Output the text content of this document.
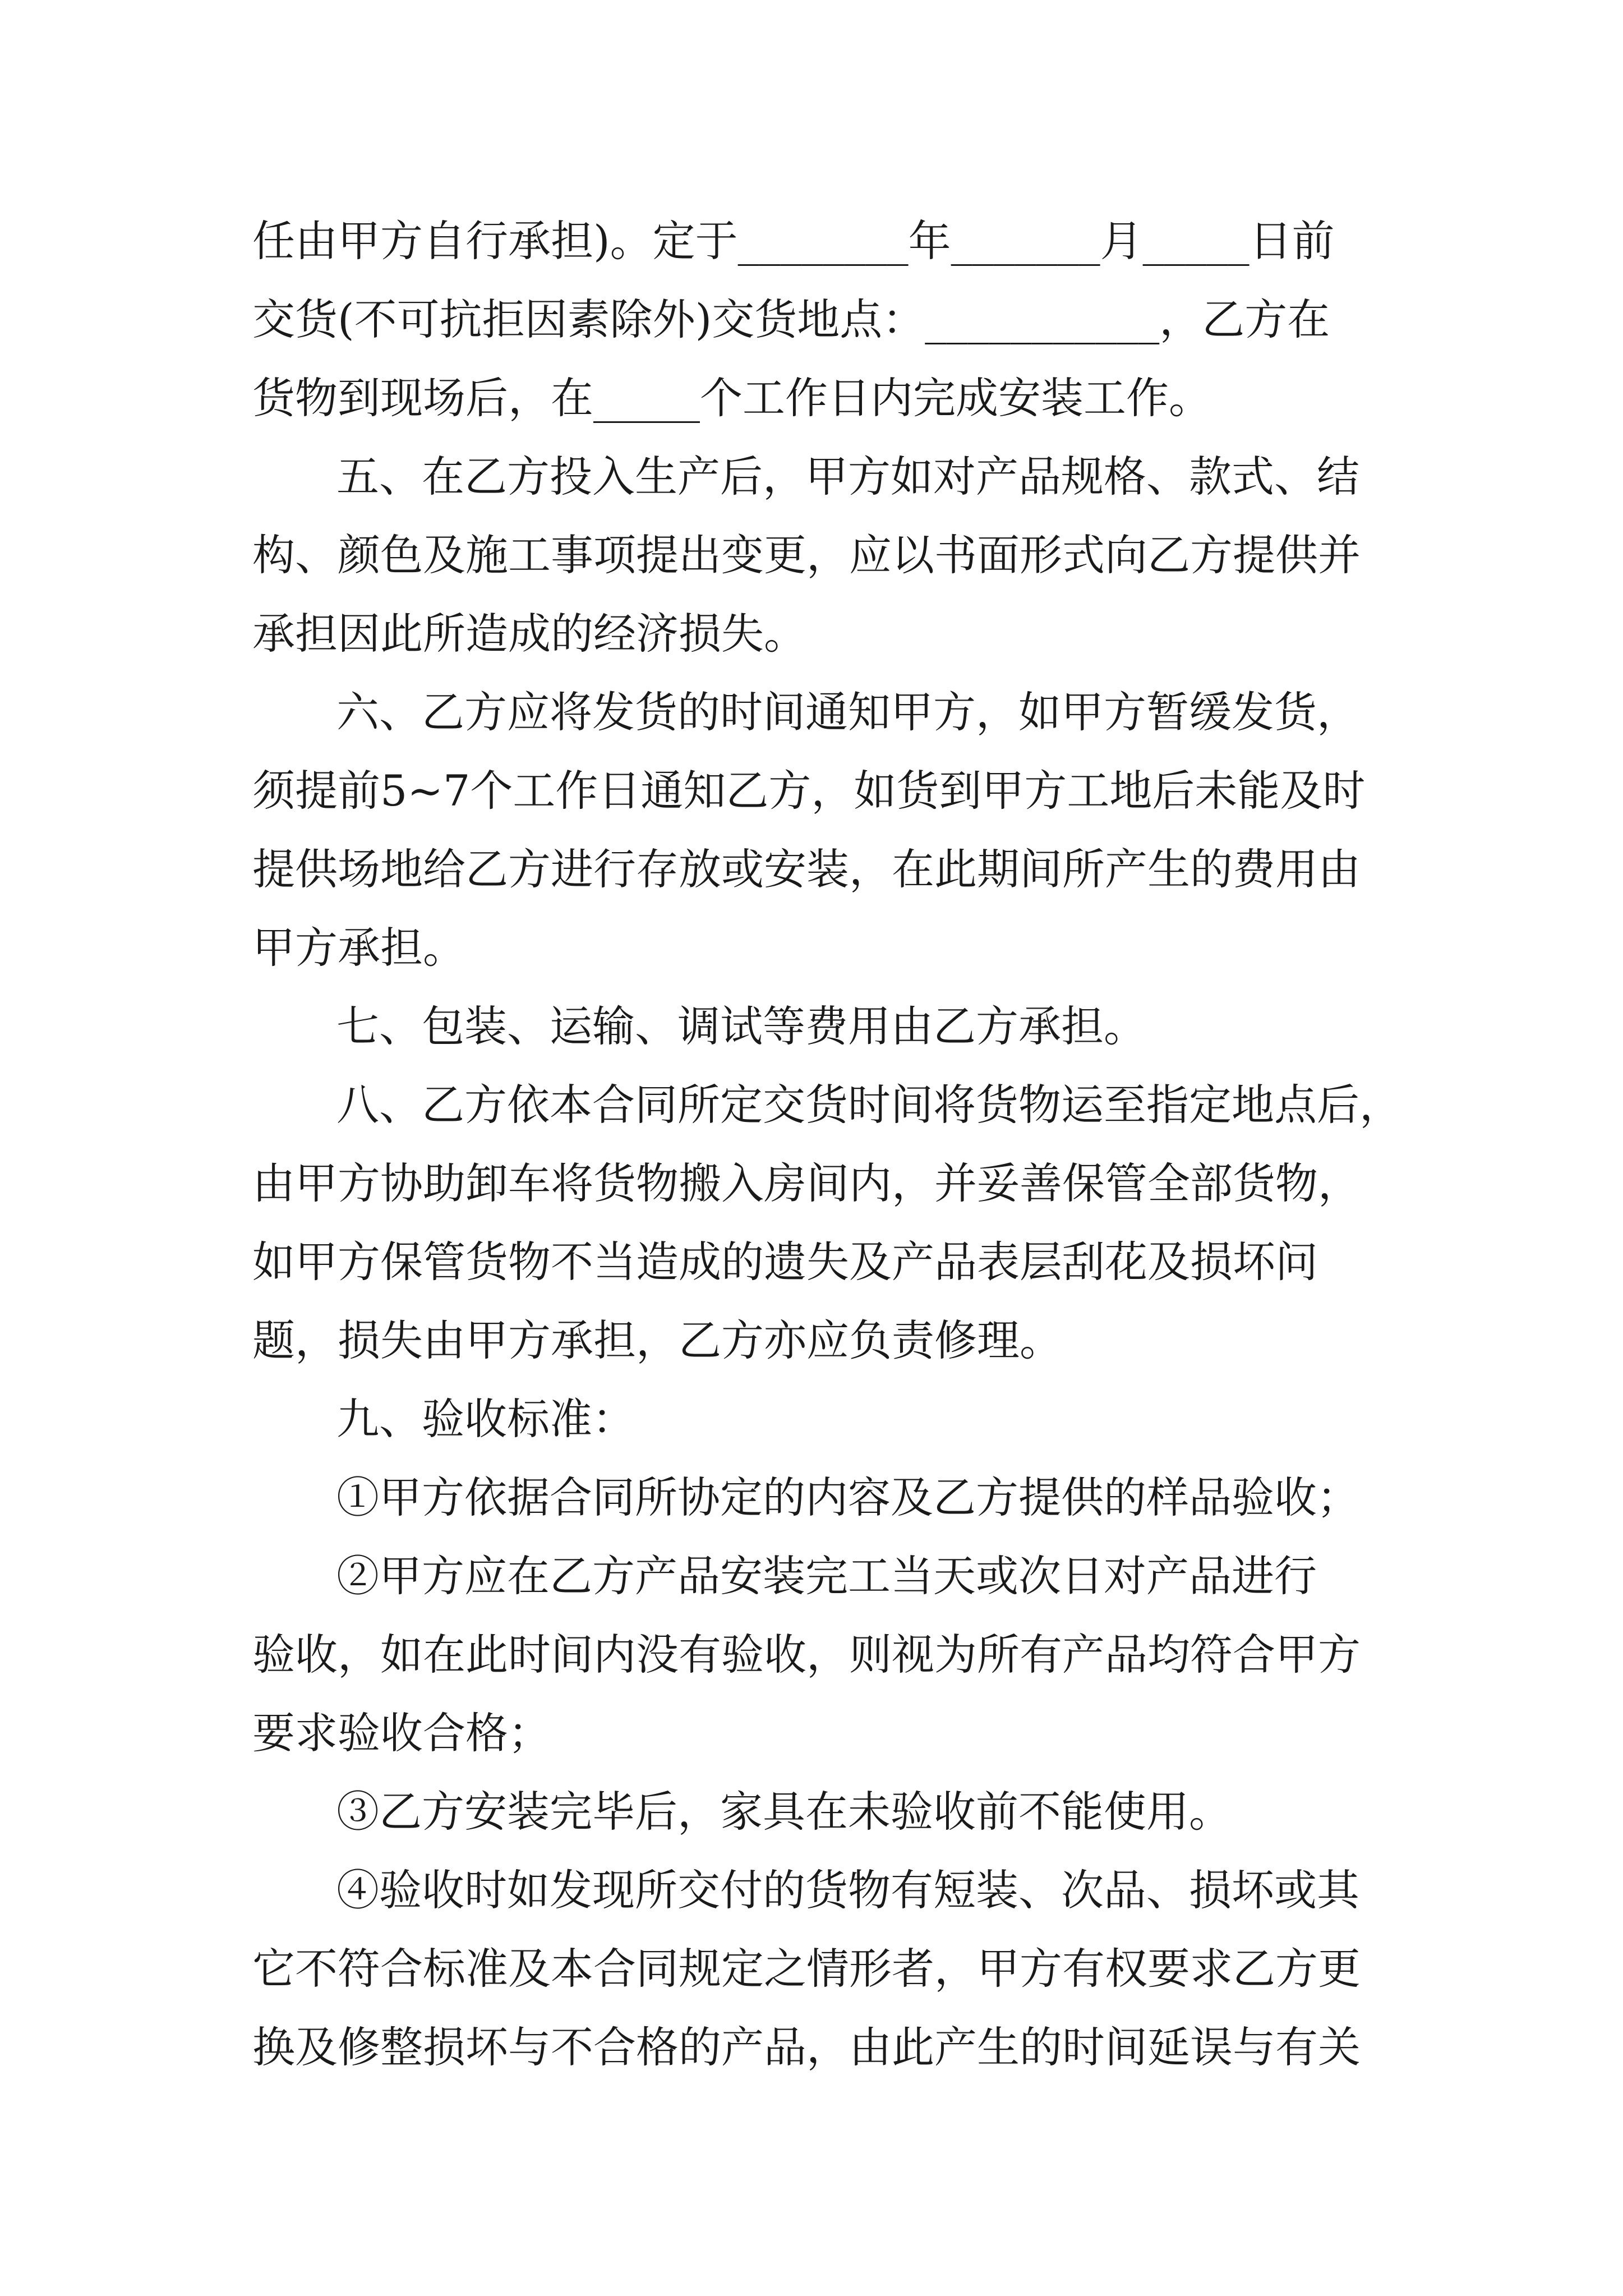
任由甲方自行承担)。定于________年_______月_____日前

交货(不可抗拒因素除外)交货地点：___________，乙方在

货物到现场后，在_____个工作日内完成安装工作。

五、在乙方投入生产后，甲方如对产品规格、款式、结

构、颜色及施工事项提出变更，应以书面形式向乙方提供并

承担因此所造成的经济损失。

六、乙方应将发货的时间通知甲方，如甲方暂缓发货，

须提前5~7个工作日通知乙方，如货到甲方工地后未能及时

提供场地给乙方进行存放或安装，在此期间所产生的费用由

甲方承担。

七、包装、运输、调试等费用由乙方承担。

八、乙方依本合同所定交货时间将货物运至指定地点后，

由甲方协助卸车将货物搬入房间内，并妥善保管全部货物，

如甲方保管货物不当造成的遗失及产品表层刮花及损坏问

题，损失由甲方承担，乙方亦应负责修理。

九、验收标准：

①甲方依据合同所协定的内容及乙方提供的样品验收；

②甲方应在乙方产品安装完工当天或次日对产品进行

验收，如在此时间内没有验收，则视为所有产品均符合甲方

要求验收合格；

③乙方安装完毕后，家具在未验收前不能使用。

④验收时如发现所交付的货物有短装、次品、损坏或其

它不符合标准及本合同规定之情形者，甲方有权要求乙方更

换及修整损坏与不合格的产品，由此产生的时间延误与有关
